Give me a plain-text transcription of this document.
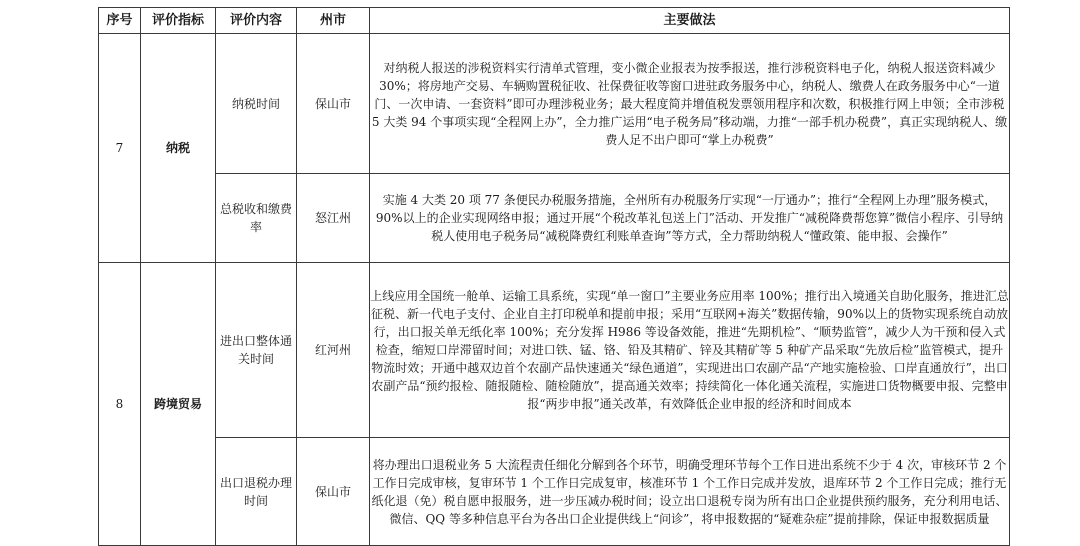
序号	评价指标	评价内容	州市	主要做法
7	纳税	纳税时间	保山市	对纳税人报送的涉税资料实行清单式管理，变小微企业报表为按季报送，推行涉税资料电子化，纳税人报送资料减少 30%；将房地产交易、车辆购置税征收、社保费征收等窗口进驻政务服务中心，纳税人、缴费人在政务服务中心“一道门、一次申请、一套资料”即可办理涉税业务；最大程度简并增值税发票领用程序和次数，积极推行网上申领；全市涉税 5 大类 94 个事项实现“全程网上办”，全力推广运用“电子税务局”移动端，力推“一部手机办税费”，真正实现纳税人、缴费人足不出户即可“掌上办税费”
		总税收和缴费率	怒江州	实施 4 大类 20 项 77 条便民办税服务措施，全州所有办税服务厅实现“一厅通办”；推行“全程网上办理”服务模式，90%以上的企业实现网络申报；通过开展“个税改革礼包送上门”活动、开发推广“减税降费帮您算”微信小程序、引导纳税人使用电子税务局“减税降费红利账单查询”等方式，全力帮助纳税人“懂政策、能申报、会操作”
8	跨境贸易	进出口整体通关时间	红河州	上线应用全国统一舱单、运输工具系统，实现“单一窗口”主要业务应用率 100%；推行出入境通关自助化服务，推进汇总征税、新一代电子支付、企业自主打印税单和提前申报；采用“互联网+海关”数据传输，90%以上的货物实现系统自动放行，出口报关单无纸化率 100%；充分发挥 H986 等设备效能，推进“先期机检”、“顺势监管”，减少人为干预和侵入式检查，缩短口岸滞留时间；对进口铁、锰、铬、铅及其精矿、锌及其精矿等 5 种矿产品采取“先放后检”监管模式，提升物流时效；开通中越双边首个农副产品快速通关“绿色通道”，实现进出口农副产品“产地实施检验、口岸直通放行”，出口农副产品“预约报检、随报随检、随检随放”，提高通关效率；持续简化一体化通关流程，实施进口货物概要申报、完整申报“两步申报”通关改革，有效降低企业申报的经济和时间成本
		出口退税办理时间	保山市	将办理出口退税业务 5 大流程责任细化分解到各个环节，明确受理环节每个工作日进出系统不少于 4 次，审核环节 2 个工作日完成审核，复审环节 1 个工作日完成复审，核准环节 1 个工作日完成并发放，退库环节 2 个工作日完成；推行无纸化退（免）税自愿申报服务，进一步压减办税时间；设立出口退税专岗为所有出口企业提供预约服务，充分利用电话、微信、QQ 等多种信息平台为各出口企业提供线上“问诊”，将申报数据的“疑难杂症”提前排除，保证申报数据质量
